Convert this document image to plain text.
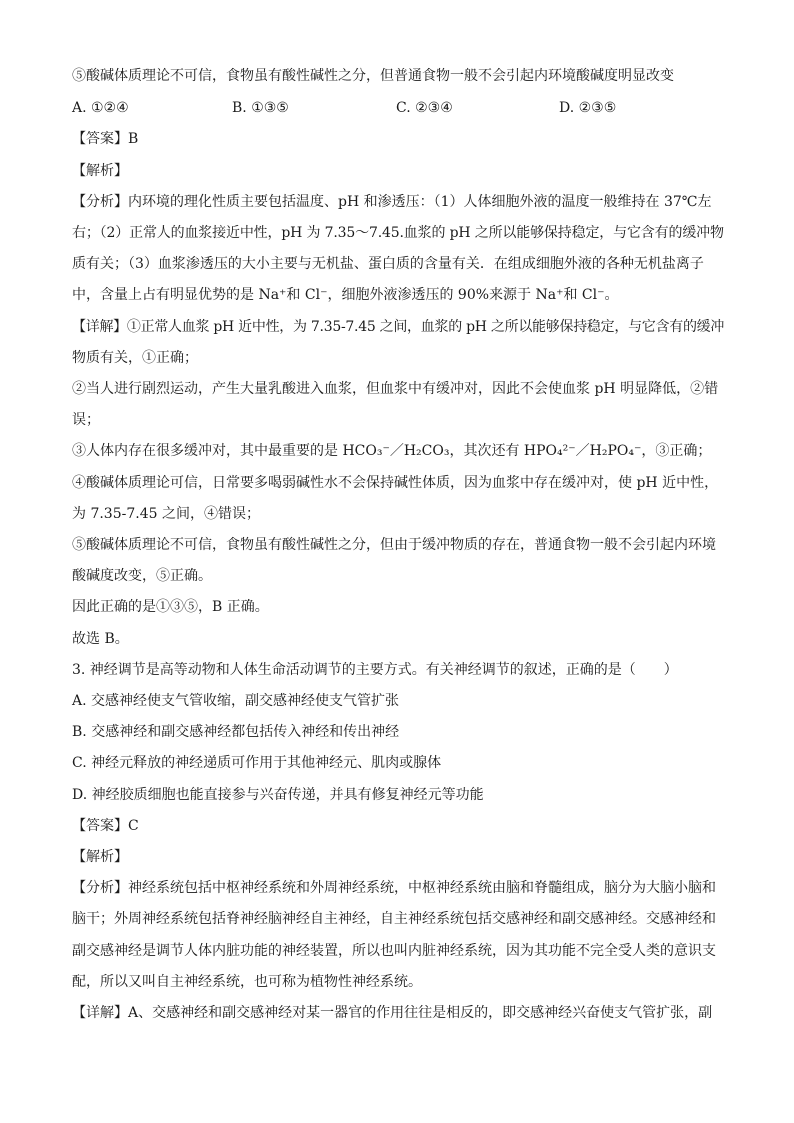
⑤酸碱体质理论不可信，食物虽有酸性碱性之分，但普通食物一般不会引起内环境酸碱度明显改变
A. ①②④	B. ①③⑤	C. ②③④	D. ②③⑤
【答案】B
【解析】
【分析】内环境的理化性质主要包括温度、pH 和渗透压：（1）人体细胞外液的温度一般维持在 37℃左
右；（2）正常人的血浆接近中性，pH 为 7.35～7.45.血浆的 pH 之所以能够保持稳定，与它含有的缓冲物
质有关；（3）血浆渗透压的大小主要与无机盐、蛋白质的含量有关．在组成细胞外液的各种无机盐离子
中，含量上占有明显优势的是 Na⁺和 Cl⁻，细胞外液渗透压的 90%来源于 Na⁺和 Cl⁻。
【详解】①正常人血浆 pH 近中性，为 7.35-7.45 之间，血浆的 pH 之所以能够保持稳定，与它含有的缓冲
物质有关，①正确；
②当人进行剧烈运动，产生大量乳酸进入血浆，但血浆中有缓冲对，因此不会使血浆 pH 明显降低，②错
误；
③人体内存在很多缓冲对，其中最重要的是 HCO₃⁻／H₂CO₃，其次还有 HPO₄²⁻／H₂PO₄⁻，③正确；
④酸碱体质理论可信，日常要多喝弱碱性水不会保持碱性体质，因为血浆中存在缓冲对，使 pH 近中性，
为 7.35-7.45 之间，④错误；
⑤酸碱体质理论不可信，食物虽有酸性碱性之分，但由于缓冲物质的存在，普通食物一般不会引起内环境
酸碱度改变，⑤正确。
因此正确的是①③⑤，B 正确。
故选 B。
3. 神经调节是高等动物和人体生命活动调节的主要方式。有关神经调节的叙述，正确的是（　　）
A. 交感神经使支气管收缩，副交感神经使支气管扩张
B. 交感神经和副交感神经都包括传入神经和传出神经
C. 神经元释放的神经递质可作用于其他神经元、肌肉或腺体
D. 神经胶质细胞也能直接参与兴奋传递，并具有修复神经元等功能
【答案】C
【解析】
【分析】神经系统包括中枢神经系统和外周神经系统，中枢神经系统由脑和脊髓组成，脑分为大脑小脑和
脑干；外周神经系统包括脊神经脑神经自主神经，自主神经系统包括交感神经和副交感神经。交感神经和
副交感神经是调节人体内脏功能的神经装置，所以也叫内脏神经系统，因为其功能不完全受人类的意识支
配，所以又叫自主神经系统，也可称为植物性神经系统。
【详解】A、交感神经和副交感神经对某一器官的作用往往是相反的，即交感神经兴奋使支气管扩张，副
